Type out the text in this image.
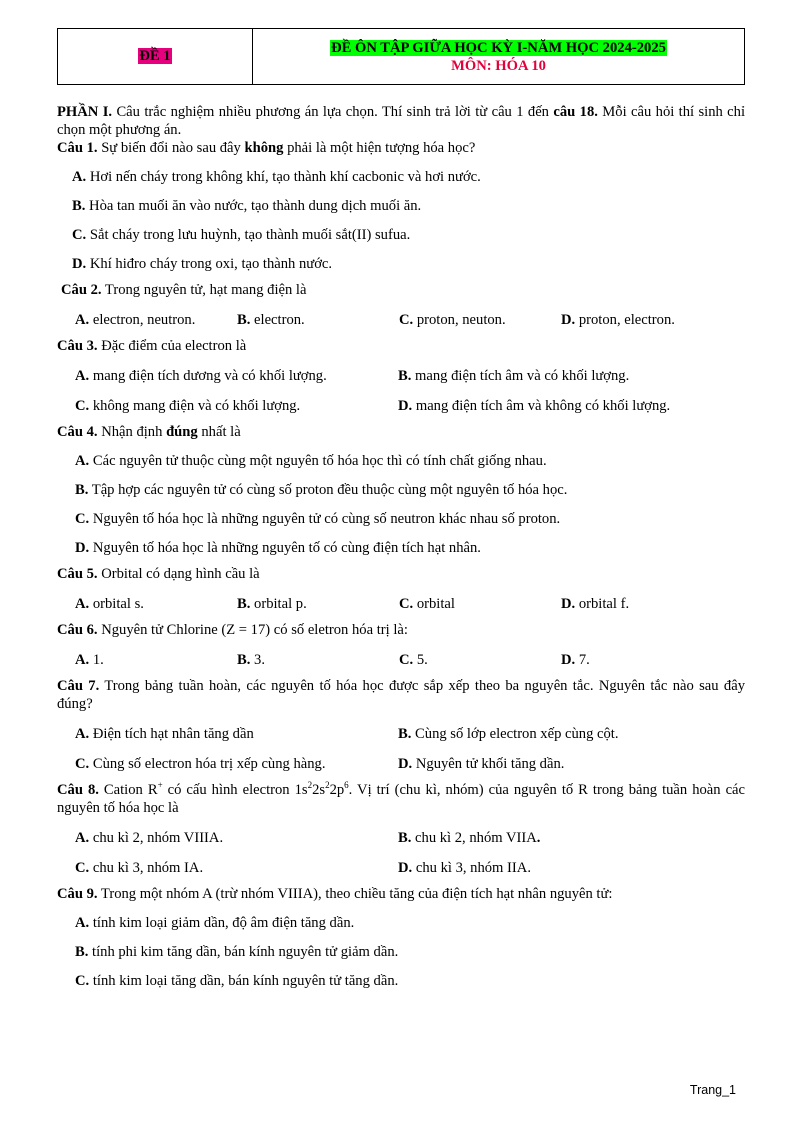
ĐỀ 1	
ĐỀ ÔN TẬP GIỮA HỌC KỲ I-NĂM HỌC 2024-2025
MÔN: HÓA 10
PHẦN I. Câu trắc nghiệm nhiều phương án lựa chọn. Thí sinh trả lời từ câu 1 đến câu 18. Mỗi câu hỏi thí sinh chỉ chọn một phương án.
Câu 1. Sự biến đổi nào sau đây không phải là một hiện tượng hóa học?
A. Hơi nến cháy trong không khí, tạo thành khí cacbonic và hơi nước.
B. Hòa tan muối ăn vào nước, tạo thành dung dịch muối ăn.
C. Sắt cháy trong lưu huỳnh, tạo thành muối sắt(II) sufua.
D. Khí hiđro cháy trong oxi, tạo thành nước.
Câu 2. Trong nguyên tử, hạt mang điện là
A. electron, neutron.	B. electron.	C. proton, neuton.	D. proton, electron.
Câu 3. Đặc điểm của electron là
A. mang điện tích dương và có khối lượng.	B. mang điện tích âm và có khối lượng.
C. không mang điện và có khối lượng.	D. mang điện tích âm và không có khối lượng.
Câu 4. Nhận định đúng nhất là
A. Các nguyên tử thuộc cùng một nguyên tố hóa học thì có tính chất giống nhau.
B. Tập hợp các nguyên tử có cùng số proton đều thuộc cùng một nguyên tố hóa học.
C. Nguyên tố hóa học là những nguyên tử có cùng số neutron khác nhau số proton.
D. Nguyên tố hóa học là những nguyên tố có cùng điện tích hạt nhân.
Câu 5. Orbital có dạng hình cầu là
A. orbital s.	B. orbital p.	C. orbital	D. orbital f.
Câu 6. Nguyên tử Chlorine (Z = 17) có số eletron hóa trị là:
A. 1.	B. 3.	C. 5.	D. 7.
Câu 7. Trong bảng tuần hoàn, các nguyên tố hóa học được sắp xếp theo ba nguyên tắc. Nguyên tắc nào sau đây đúng?
A. Điện tích hạt nhân tăng dần	B. Cùng số lớp electron xếp cùng cột.
C. Cùng số electron hóa trị xếp cùng hàng.	D. Nguyên tử khối tăng dần.
Câu 8. Cation R+ có cấu hình electron $1s^22s^22p^6$. Vị trí (chu kì, nhóm) của nguyên tố R trong bảng tuần hoàn các nguyên tố hóa học là
A. chu kì 2, nhóm VIIIA.	B. chu kì 2, nhóm VIIA.
C. chu kì 3, nhóm IA.	D. chu kì 3, nhóm IIA.
Câu 9. Trong một nhóm A (trừ nhóm VIIIA), theo chiều tăng của điện tích hạt nhân nguyên tử:
A. tính kim loại giảm dần, độ âm điện tăng dần.
B. tính phi kim tăng dần, bán kính nguyên tử giảm dần.
C. tính kim loại tăng dần, bán kính nguyên tử tăng dần.
Trang_1
